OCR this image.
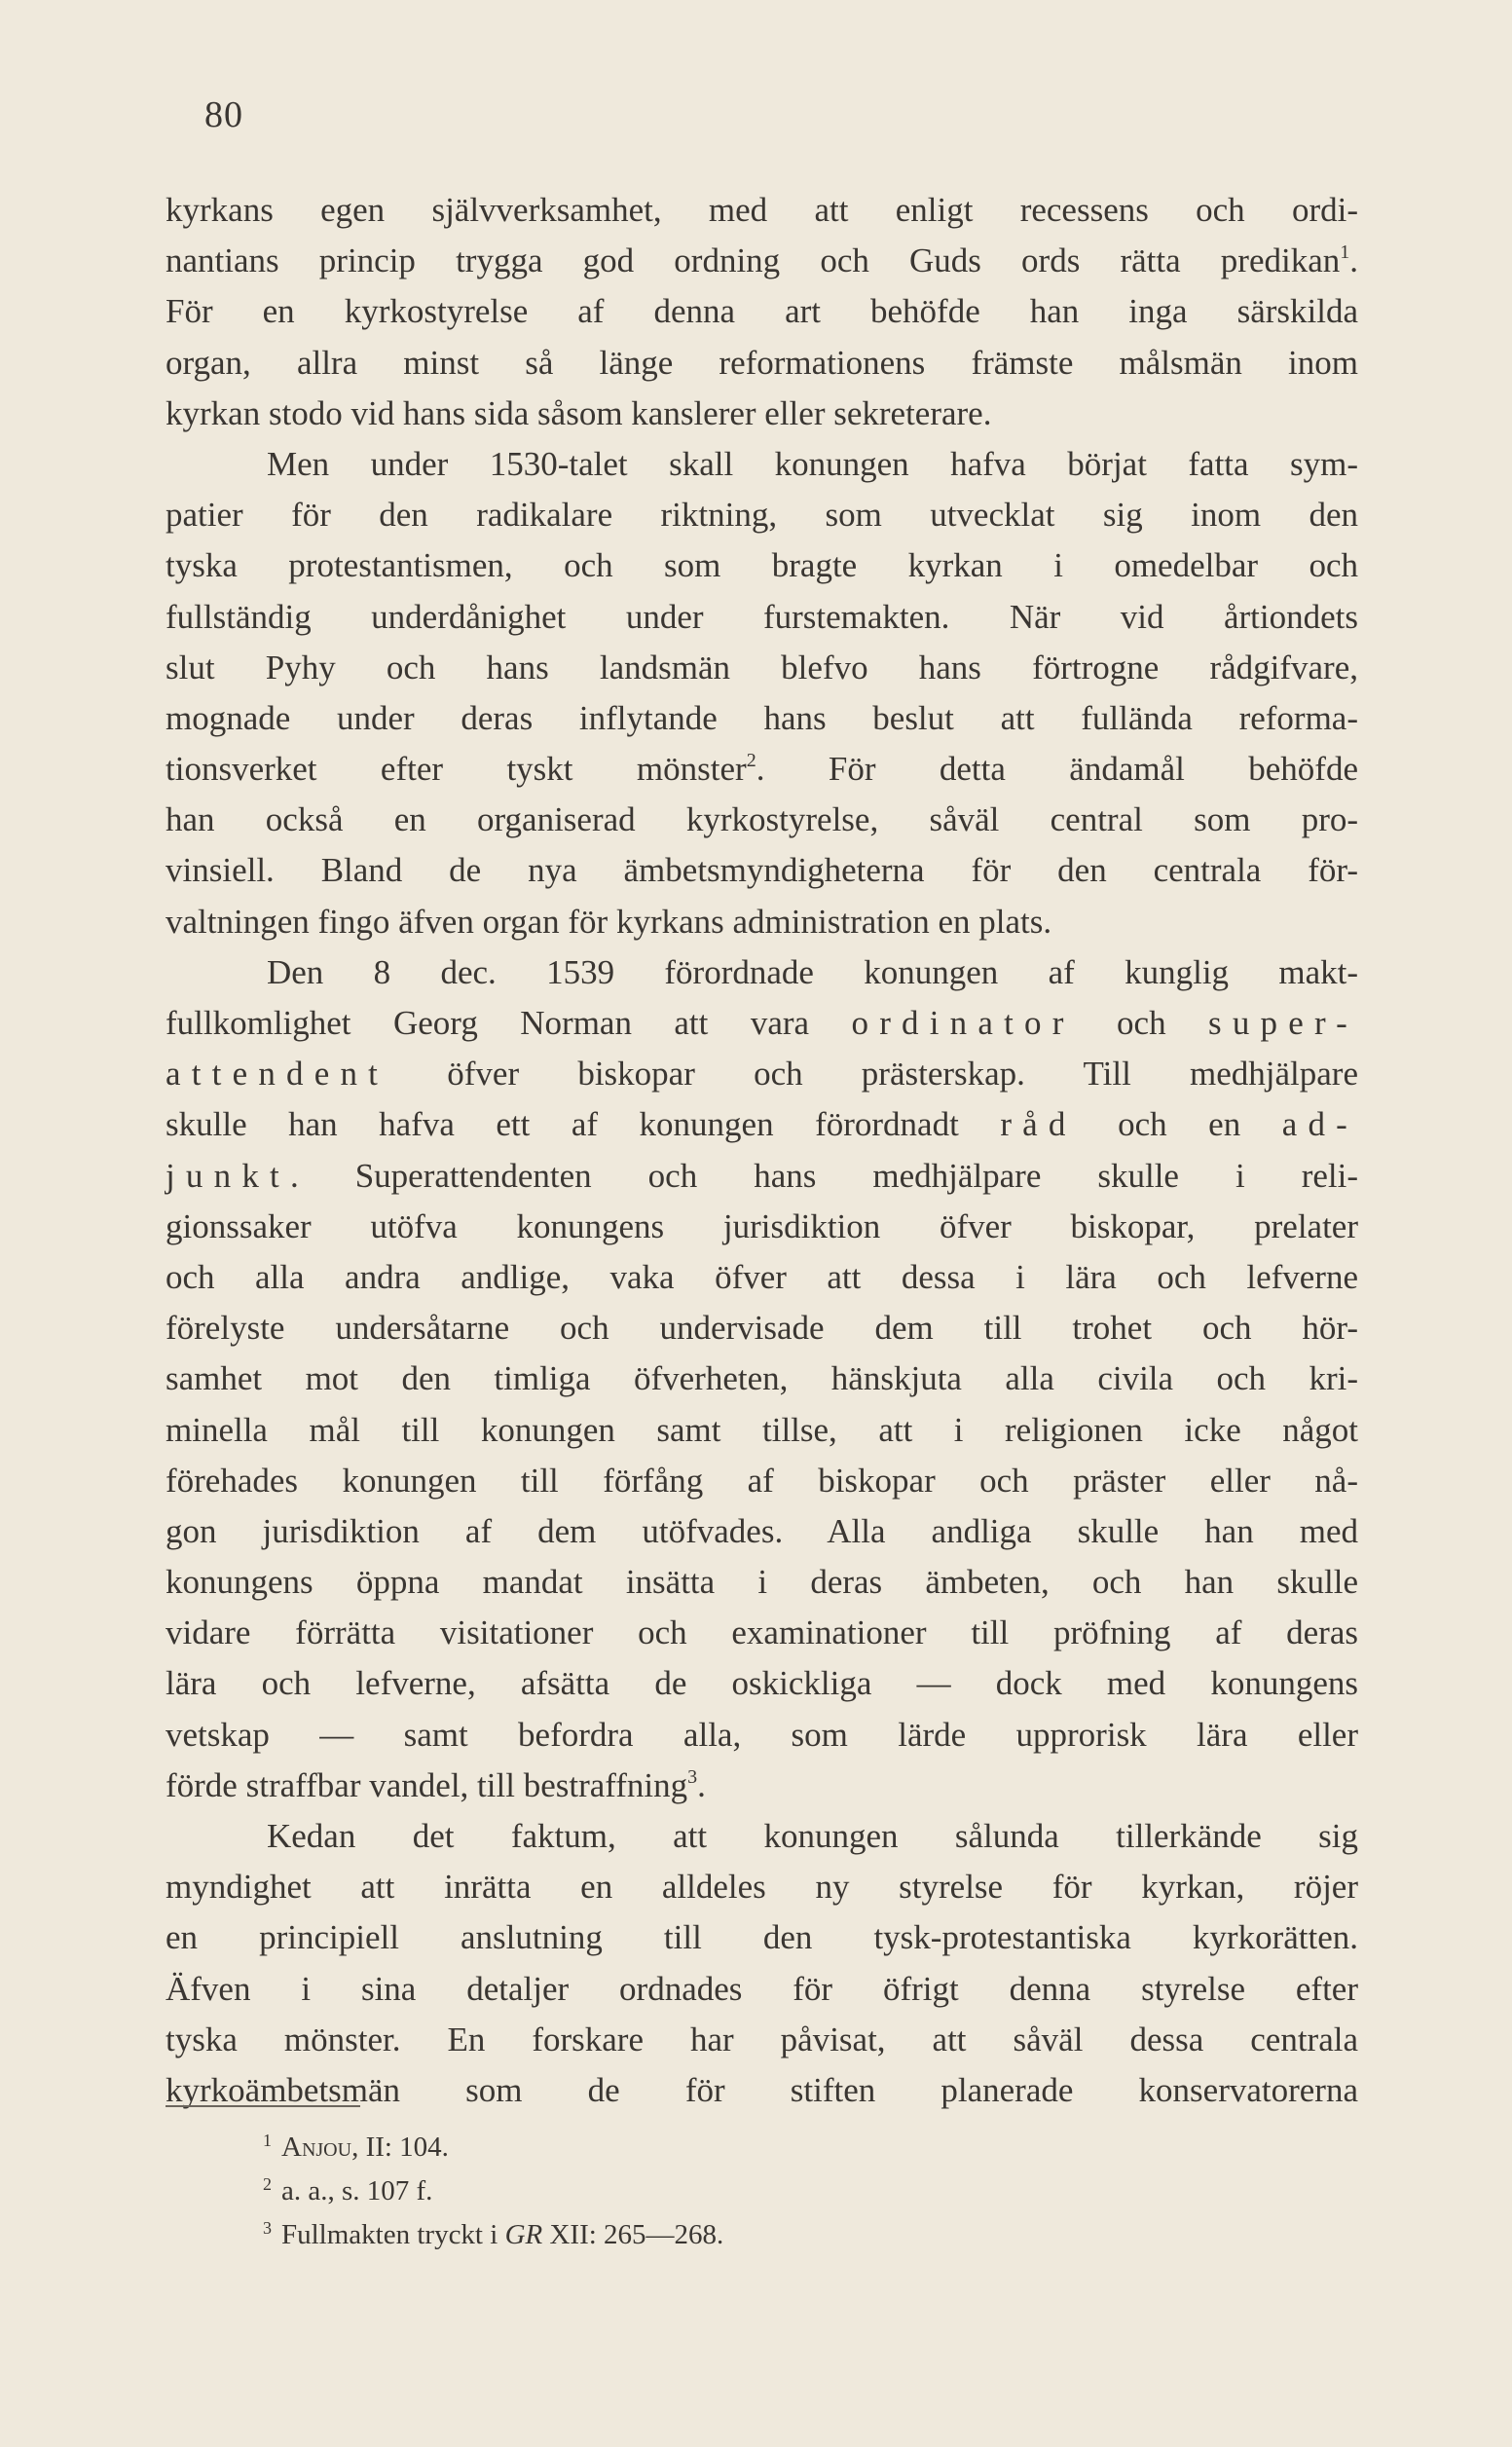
80
kyrkans egen självverksamhet, med att enligt recessens och ordi-
nantians princip trygga god ordning och Guds ords rätta predikan$^1$.
För en kyrkostyrelse af denna art behöfde han inga särskilda
organ, allra minst så länge reformationens främste målsmän inom
kyrkan stodo vid hans sida såsom kanslerer eller sekreterare.
Men under 1530-talet skall konungen hafva börjat fatta sym-
patier för den radikalare riktning, som utvecklat sig inom den
tyska protestantismen, och som bragte kyrkan i omedelbar och
fullständig underdånighet under furstemakten. När vid årtiondets
slut Pyhy och hans landsmän blefvo hans förtrogne rådgifvare,
mognade under deras inflytande hans beslut att fullända reforma-
tionsverket efter tyskt mönster$^2$. För detta ändamål behöfde
han också en organiserad kyrkostyrelse, såväl central som pro-
vinsiell. Bland de nya ämbetsmyndigheterna för den centrala för-
valtningen fingo äfven organ för kyrkans administration en plats.
Den 8 dec. 1539 förordnade konungen af kunglig makt-
fullkomlighet Georg Norman att vara ordinator och super-
attendent öfver biskopar och prästerskap. Till medhjälpare
skulle han hafva ett af konungen förordnadt råd och en ad-
junkt. Superattendenten och hans medhjälpare skulle i reli-
gionssaker utöfva konungens jurisdiktion öfver biskopar, prelater
och alla andra andlige, vaka öfver att dessa i lära och lefverne
förelyste undersåtarne och undervisade dem till trohet och hör-
samhet mot den timliga öfverheten, hänskjuta alla civila och kri-
minella mål till konungen samt tillse, att i religionen icke något
förehades konungen till förfång af biskopar och präster eller nå-
gon jurisdiktion af dem utöfvades. Alla andliga skulle han med
konungens öppna mandat insätta i deras ämbeten, och han skulle
vidare förrätta visitationer och examinationer till pröfning af deras
lära och lefverne, afsätta de oskickliga — dock med konungens
vetskap — samt befordra alla, som lärde upprorisk lära eller
förde straffbar vandel, till bestraffning$^3$.
Kedan det faktum, att konungen sålunda tillerkände sig
myndighet att inrätta en alldeles ny styrelse för kyrkan, röjer
en principiell anslutning till den tysk-protestantiska kyrkorätten.
Äfven i sina detaljer ordnades för öfrigt denna styrelse efter
tyska mönster. En forskare har påvisat, att såväl dessa centrala
kyrkoämbetsmän som de för stiften planerade konservatorerna
$^1$ Anjou, II: 104.
$^2$ a. a., s. 107 f.
$^3$ Fullmakten tryckt i GR XII: 265—268.
